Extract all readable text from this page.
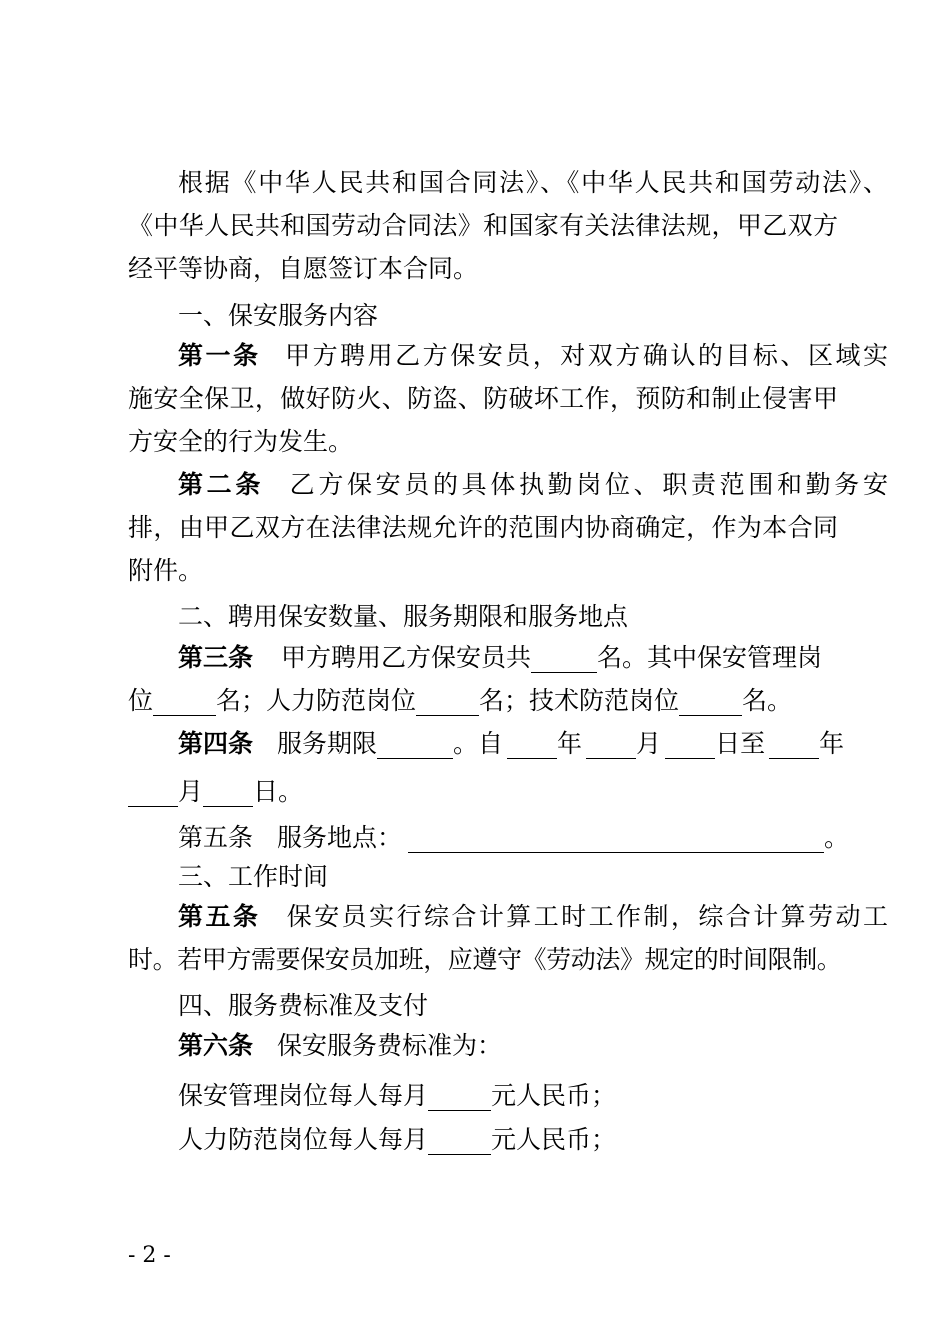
根据《中华人民共和国合同法》、《中华人民共和国劳动法》、
《中华人民共和国劳动合同法》和国家有关法律法规，甲乙双方
经平等协商，自愿签订本合同。
一、保安服务内容
第一条 甲方聘用乙方保安员，对双方确认的目标、区域实
施安全保卫，做好防火、防盗、防破坏工作，预防和制止侵害甲
方安全的行为发生。
第二条 乙方保安员的具体执勤岗位、职责范围和勤务安
排，由甲乙双方在法律法规允许的范围内协商确定，作为本合同
附件。
二、聘用保安数量、服务期限和服务地点
第三条 甲方聘用乙方保安员共	名。其中保安管理岗
位	名；人力防范岗位	名；技术防范岗位	名。
第四条 服务期限	。自 年 月 日至 年
月 日。
第五条 服务地点：	。
三、工作时间
第五条 保安员实行综合计算工时工作制，综合计算劳动工
时。若甲方需要保安员加班，应遵守《劳动法》规定的时间限制。
四、服务费标准及支付
第六条 保安服务费标准为：
保安管理岗位每人每月	元人民币；
人力防范岗位每人每月	元人民币；
- 2 -
